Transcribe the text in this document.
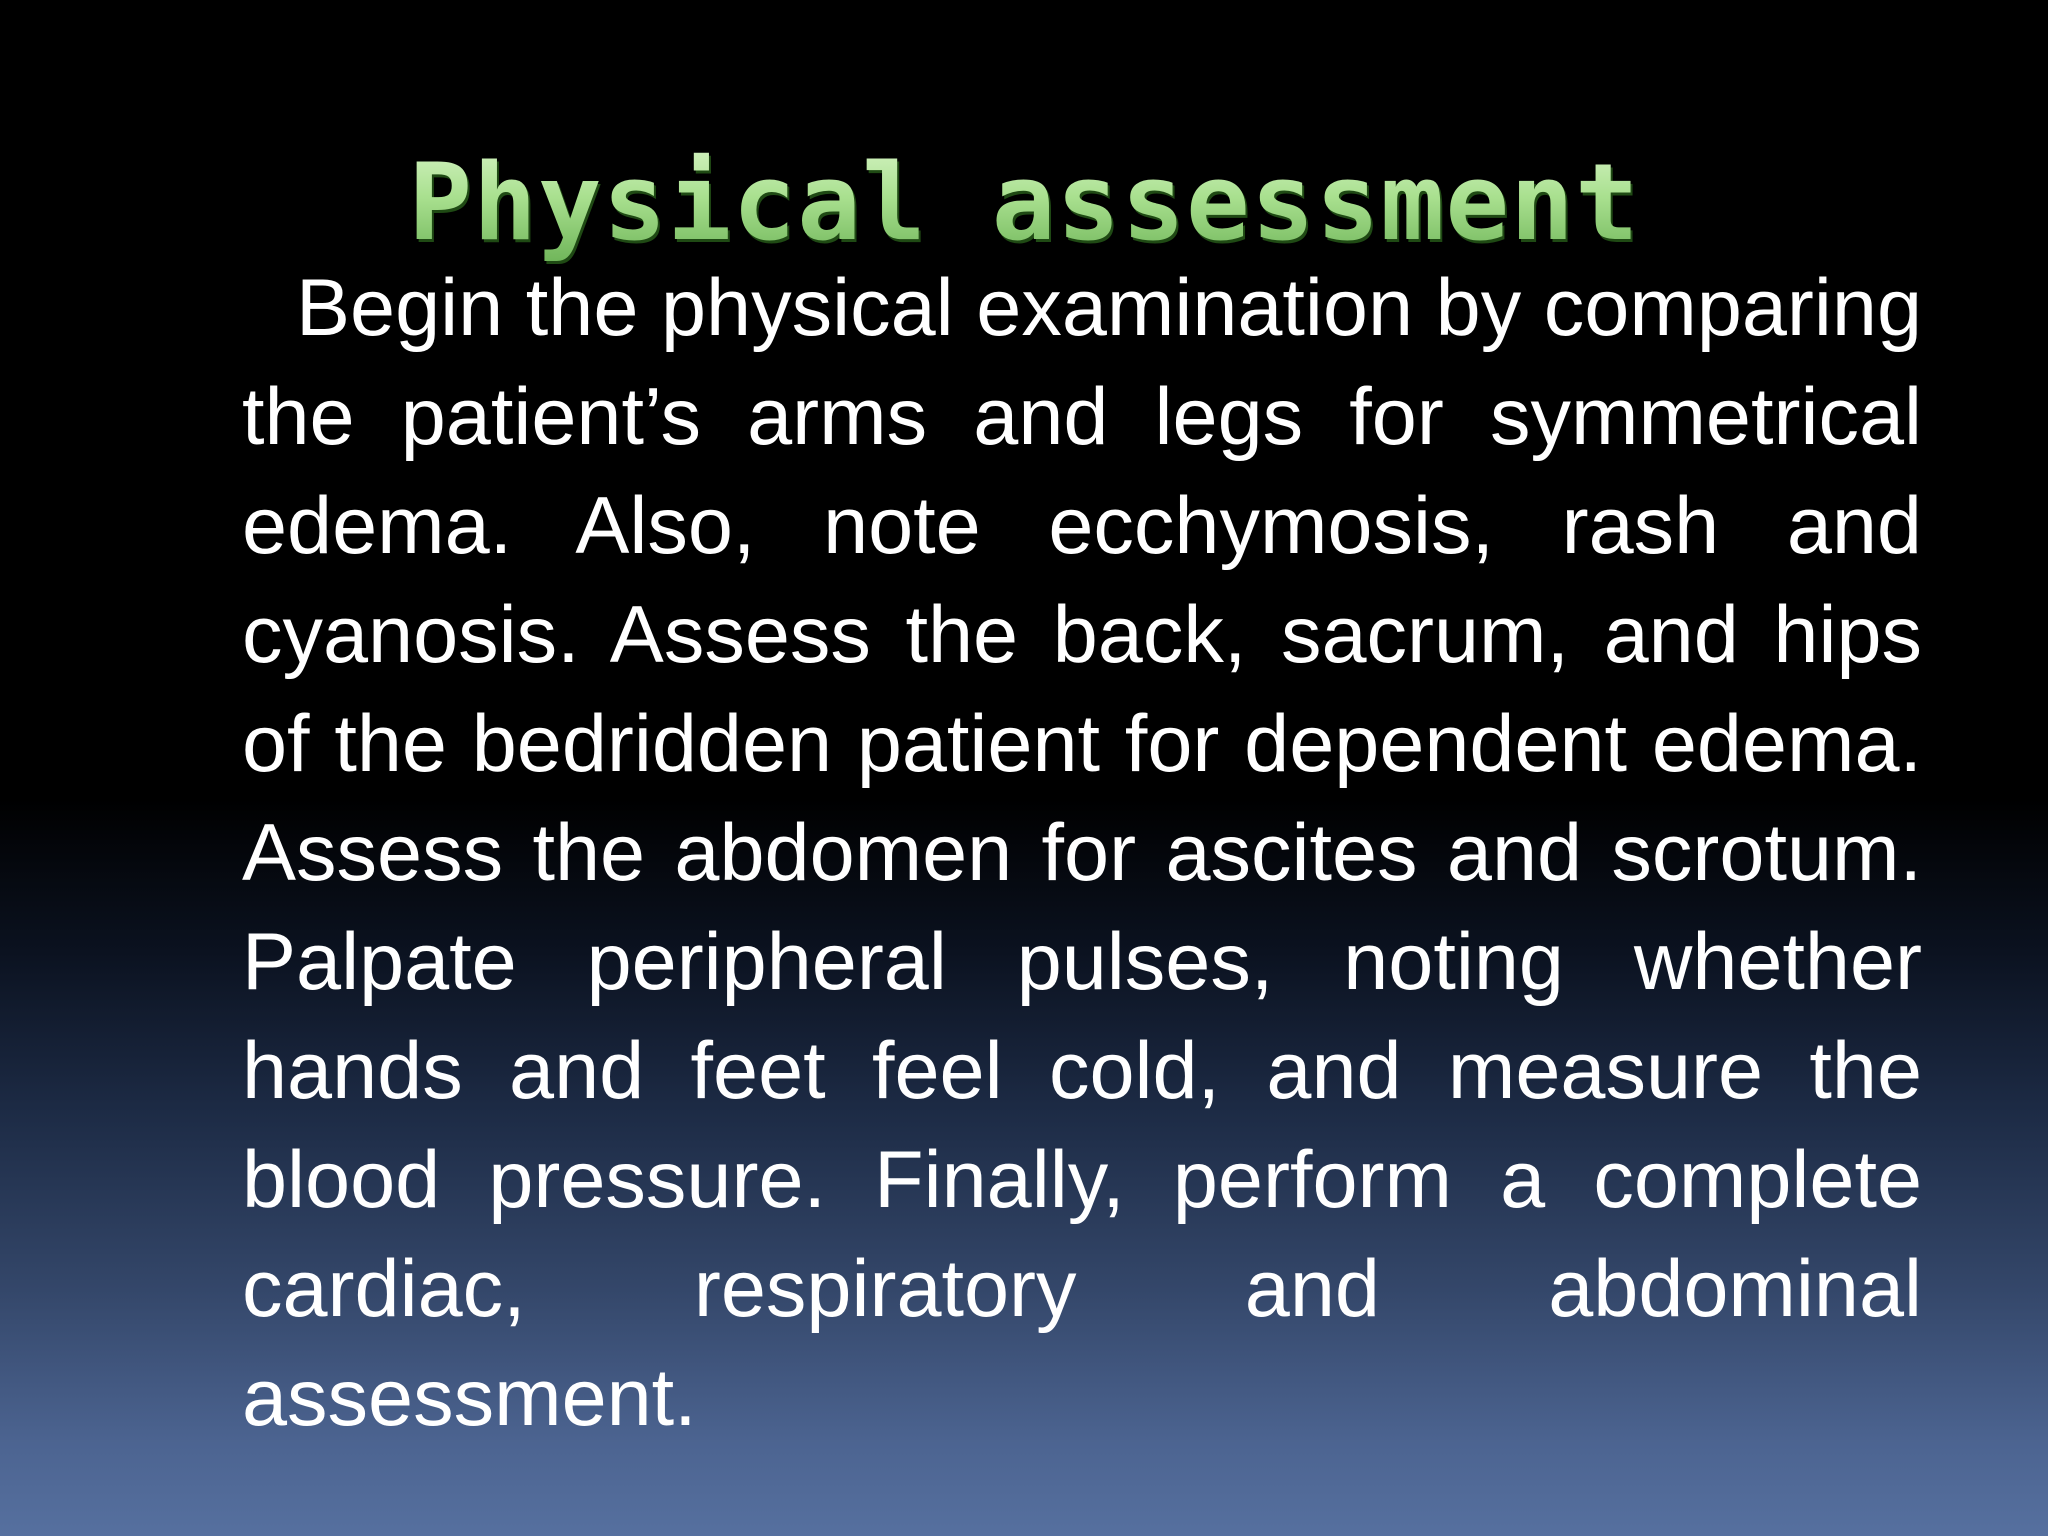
Physical assessment

Begin the physical examination by comparing the patient’s arms and legs for symmetrical edema. Also, note ecchymosis, rash and cyanosis. Assess the back, sacrum, and hips of the bedridden patient for dependent edema. Assess the abdomen for ascites and scrotum. Palpate peripheral pulses, noting whether hands and feet feel cold, and measure the blood pressure. Finally, perform a complete cardiac, respiratory and abdominal assessment.
